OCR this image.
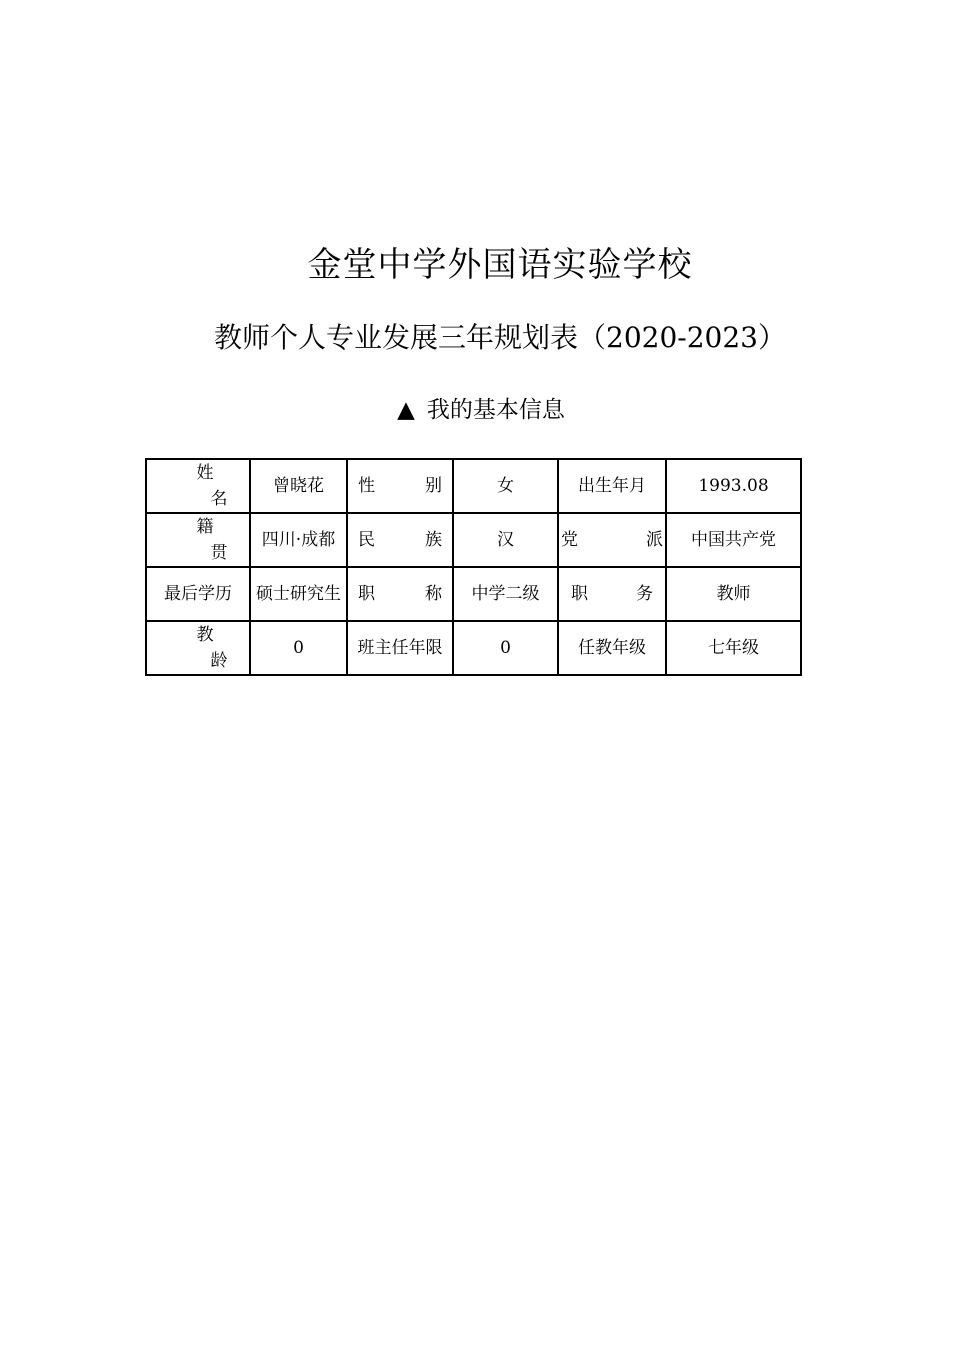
金堂中学外国语实验学校
教师个人专业发展三年规划表（2020-2023）
▲ 我的基本信息
姓
名	曾晓花	性 别	女	出生年月	1993.08

籍
贯	四川·成都	民 族	汉	党 派	中国共产党
最后学历	硕士研究生	职 称	中学二级	职 务	教师

教
龄	0	班主任年限	0	任教年级	七年级
